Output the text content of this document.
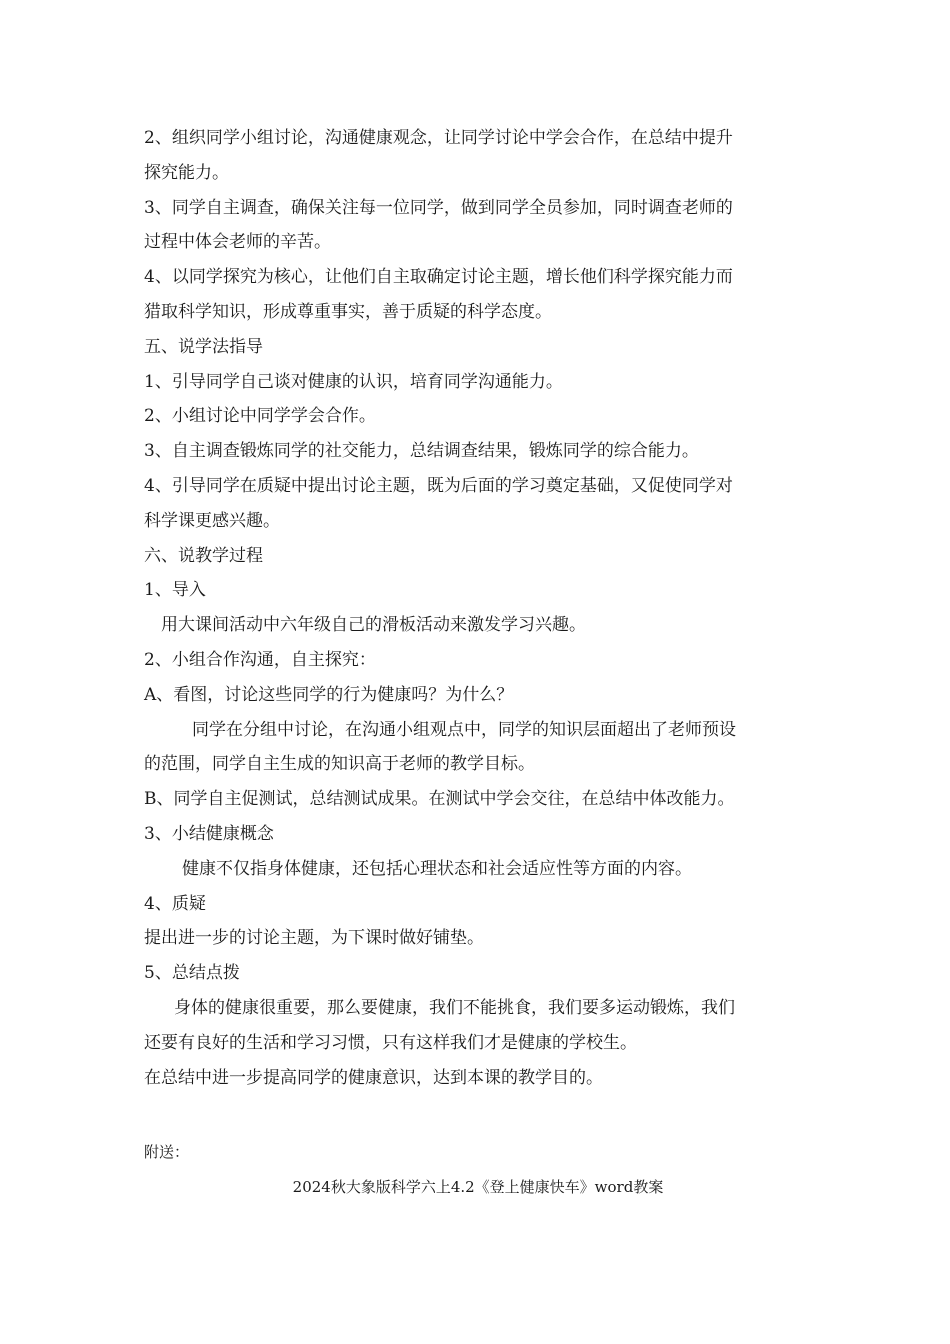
2、组织同学小组讨论，沟通健康观念，让同学讨论中学会合作，在总结中提升
探究能力。
3、同学自主调查，确保关注每一位同学，做到同学全员参加，同时调查老师的
过程中体会老师的辛苦。
4、以同学探究为核心，让他们自主取确定讨论主题，增长他们科学探究能力而
猎取科学知识，形成尊重事实，善于质疑的科学态度。
五、说学法指导
1、引导同学自己谈对健康的认识，培育同学沟通能力。
2、小组讨论中同学学会合作。
3、自主调查锻炼同学的社交能力，总结调查结果，锻炼同学的综合能力。
4、引导同学在质疑中提出讨论主题，既为后面的学习奠定基础，又促使同学对
科学课更感兴趣。
六、说教学过程
1、导入
用大课间活动中六年级自己的滑板活动来激发学习兴趣。
2、小组合作沟通，自主探究：
A、看图，讨论这些同学的行为健康吗？为什么？
同学在分组中讨论，在沟通小组观点中，同学的知识层面超出了老师预设
的范围，同学自主生成的知识高于老师的教学目标。
B、同学自主促测试，总结测试成果。在测试中学会交往，在总结中体改能力。
3、小结健康概念
健康不仅指身体健康，还包括心理状态和社会适应性等方面的内容。
4、质疑
提出进一步的讨论主题，为下课时做好铺垫。
5、总结点拨
身体的健康很重要，那么要健康，我们不能挑食，我们要多运动锻炼，我们
还要有良好的生活和学习习惯，只有这样我们才是健康的学校生。
在总结中进一步提高同学的健康意识，达到本课的教学目的。
附送：
2024秋大象版科学六上4.2《登上健康快车》word教案
